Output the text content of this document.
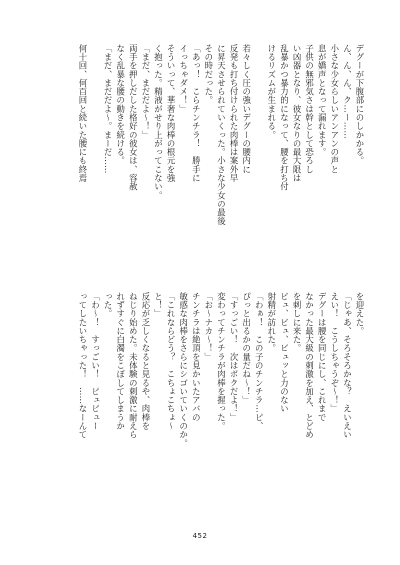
デグーが下腹部にのしかかる。
ん、ん、ん、ク…ー……
小さな少女らしいアンアンの声と
息が嬌声となって漏れます。
子供の無邪気さは幹として恐ろし
い凶器となり、彼女なりの最大限は
乱暴かつ暴力的になって、腰を打ち付
けるリズムが生まれる。

若々しく圧の強いデグーの腰内に
反発も打ち付けられた肉棒は案外早
に昇天させられていくった。小さな少女の最後
その時だった。
「あっ！　こらチンチラ！　勝手に
イっちゃダメ！」
そういって、華奢な肉棒の根元を強
く抱った。精液がせり上がってこない。
「まだ、まだだよ～！」
両手を押しだした格好の彼女は、容赦
なく乱暴な腰の動きを続ける。
「まだ、まだだよ～。まーだ……

何十回、何百回と続いた腰にも終焉
を迎えた。
「じゃあ、そろそろかな？　えいえい
えい！　こうしちゃうぞ～！」
デグーは腰を同じにし、これまで
なかった最大級の刺激を加え、とどめ
を刺しに来た。
ビュ、ビュ、ビュッと力のない
射精が訪れた。
「わぁ！　この子のチンチラ…ピ、
ぴっと出るかの量だね～！」
「すっごい！　次はボクだよ！」
変わってチンチラが肉棒を握った。
「お～ナカ～！」
チンチラは絶頂を見かいたアバの
敏感な肉棒をさらにシゴいていくのか。
「これならどう？　こちょこちょ～
と！」
反応が乏しくなると見るや、肉棒を
ねじり始めた。未体験の刺激に耐えら
れずすぐに白濁をこぼしてしまうか
った。
「わ～！　すっごい！　ピュピュー
ってしたいちゃった！　……なーんて
452
